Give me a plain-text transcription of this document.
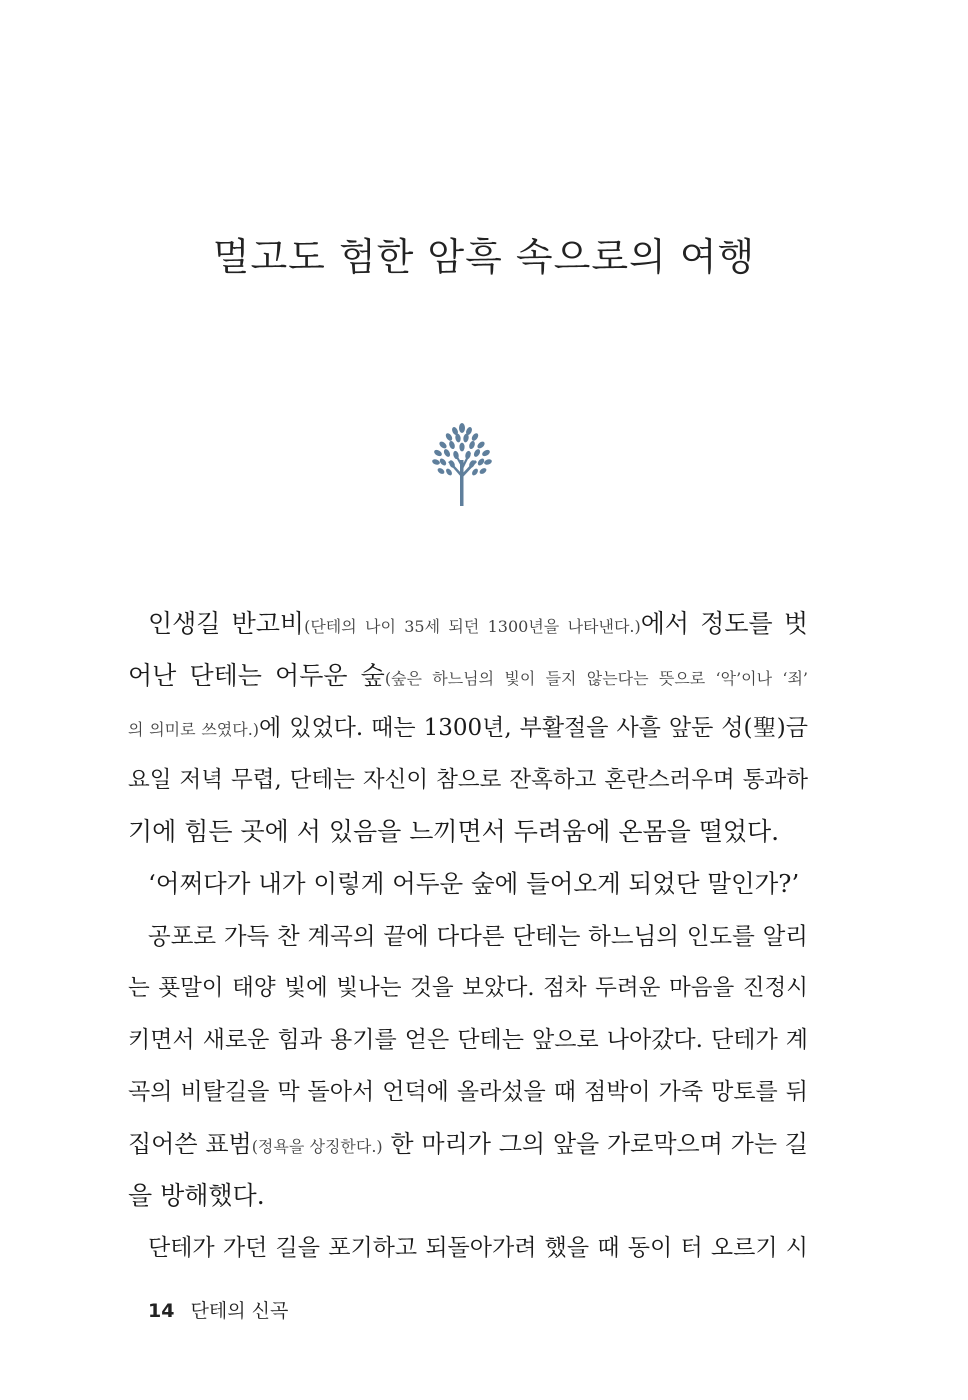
멀고도 험한 암흑 속으로의 여행
인생길 반고비(단테의 나이 35세 되던 1300년을 나타낸다.)에서 정도를 벗
어난 단테는 어두운 숲(숲은 하느님의 빛이 들지 않는다는 뜻으로 ‘악’이나 ‘죄’
의 의미로 쓰였다.)에 있었다. 때는 1300년, 부활절을 사흘 앞둔 성(聖)금
요일 저녁 무렵, 단테는 자신이 참으로 잔혹하고 혼란스러우며 통과하
기에 힘든 곳에 서 있음을 느끼면서 두려움에 온몸을 떨었다.
‘어쩌다가 내가 이렇게 어두운 숲에 들어오게 되었단 말인가?’
공포로 가득 찬 계곡의 끝에 다다른 단테는 하느님의 인도를 알리
는 푯말이 태양 빛에 빛나는 것을 보았다. 점차 두려운 마음을 진정시
키면서 새로운 힘과 용기를 얻은 단테는 앞으로 나아갔다. 단테가 계
곡의 비탈길을 막 돌아서 언덕에 올라섰을 때 점박이 가죽 망토를 뒤
집어쓴 표범(정욕을 상징한다.) 한 마리가 그의 앞을 가로막으며 가는 길
을 방해했다.
단테가 가던 길을 포기하고 되돌아가려 했을 때 동이 터 오르기 시
14 단테의 신곡
